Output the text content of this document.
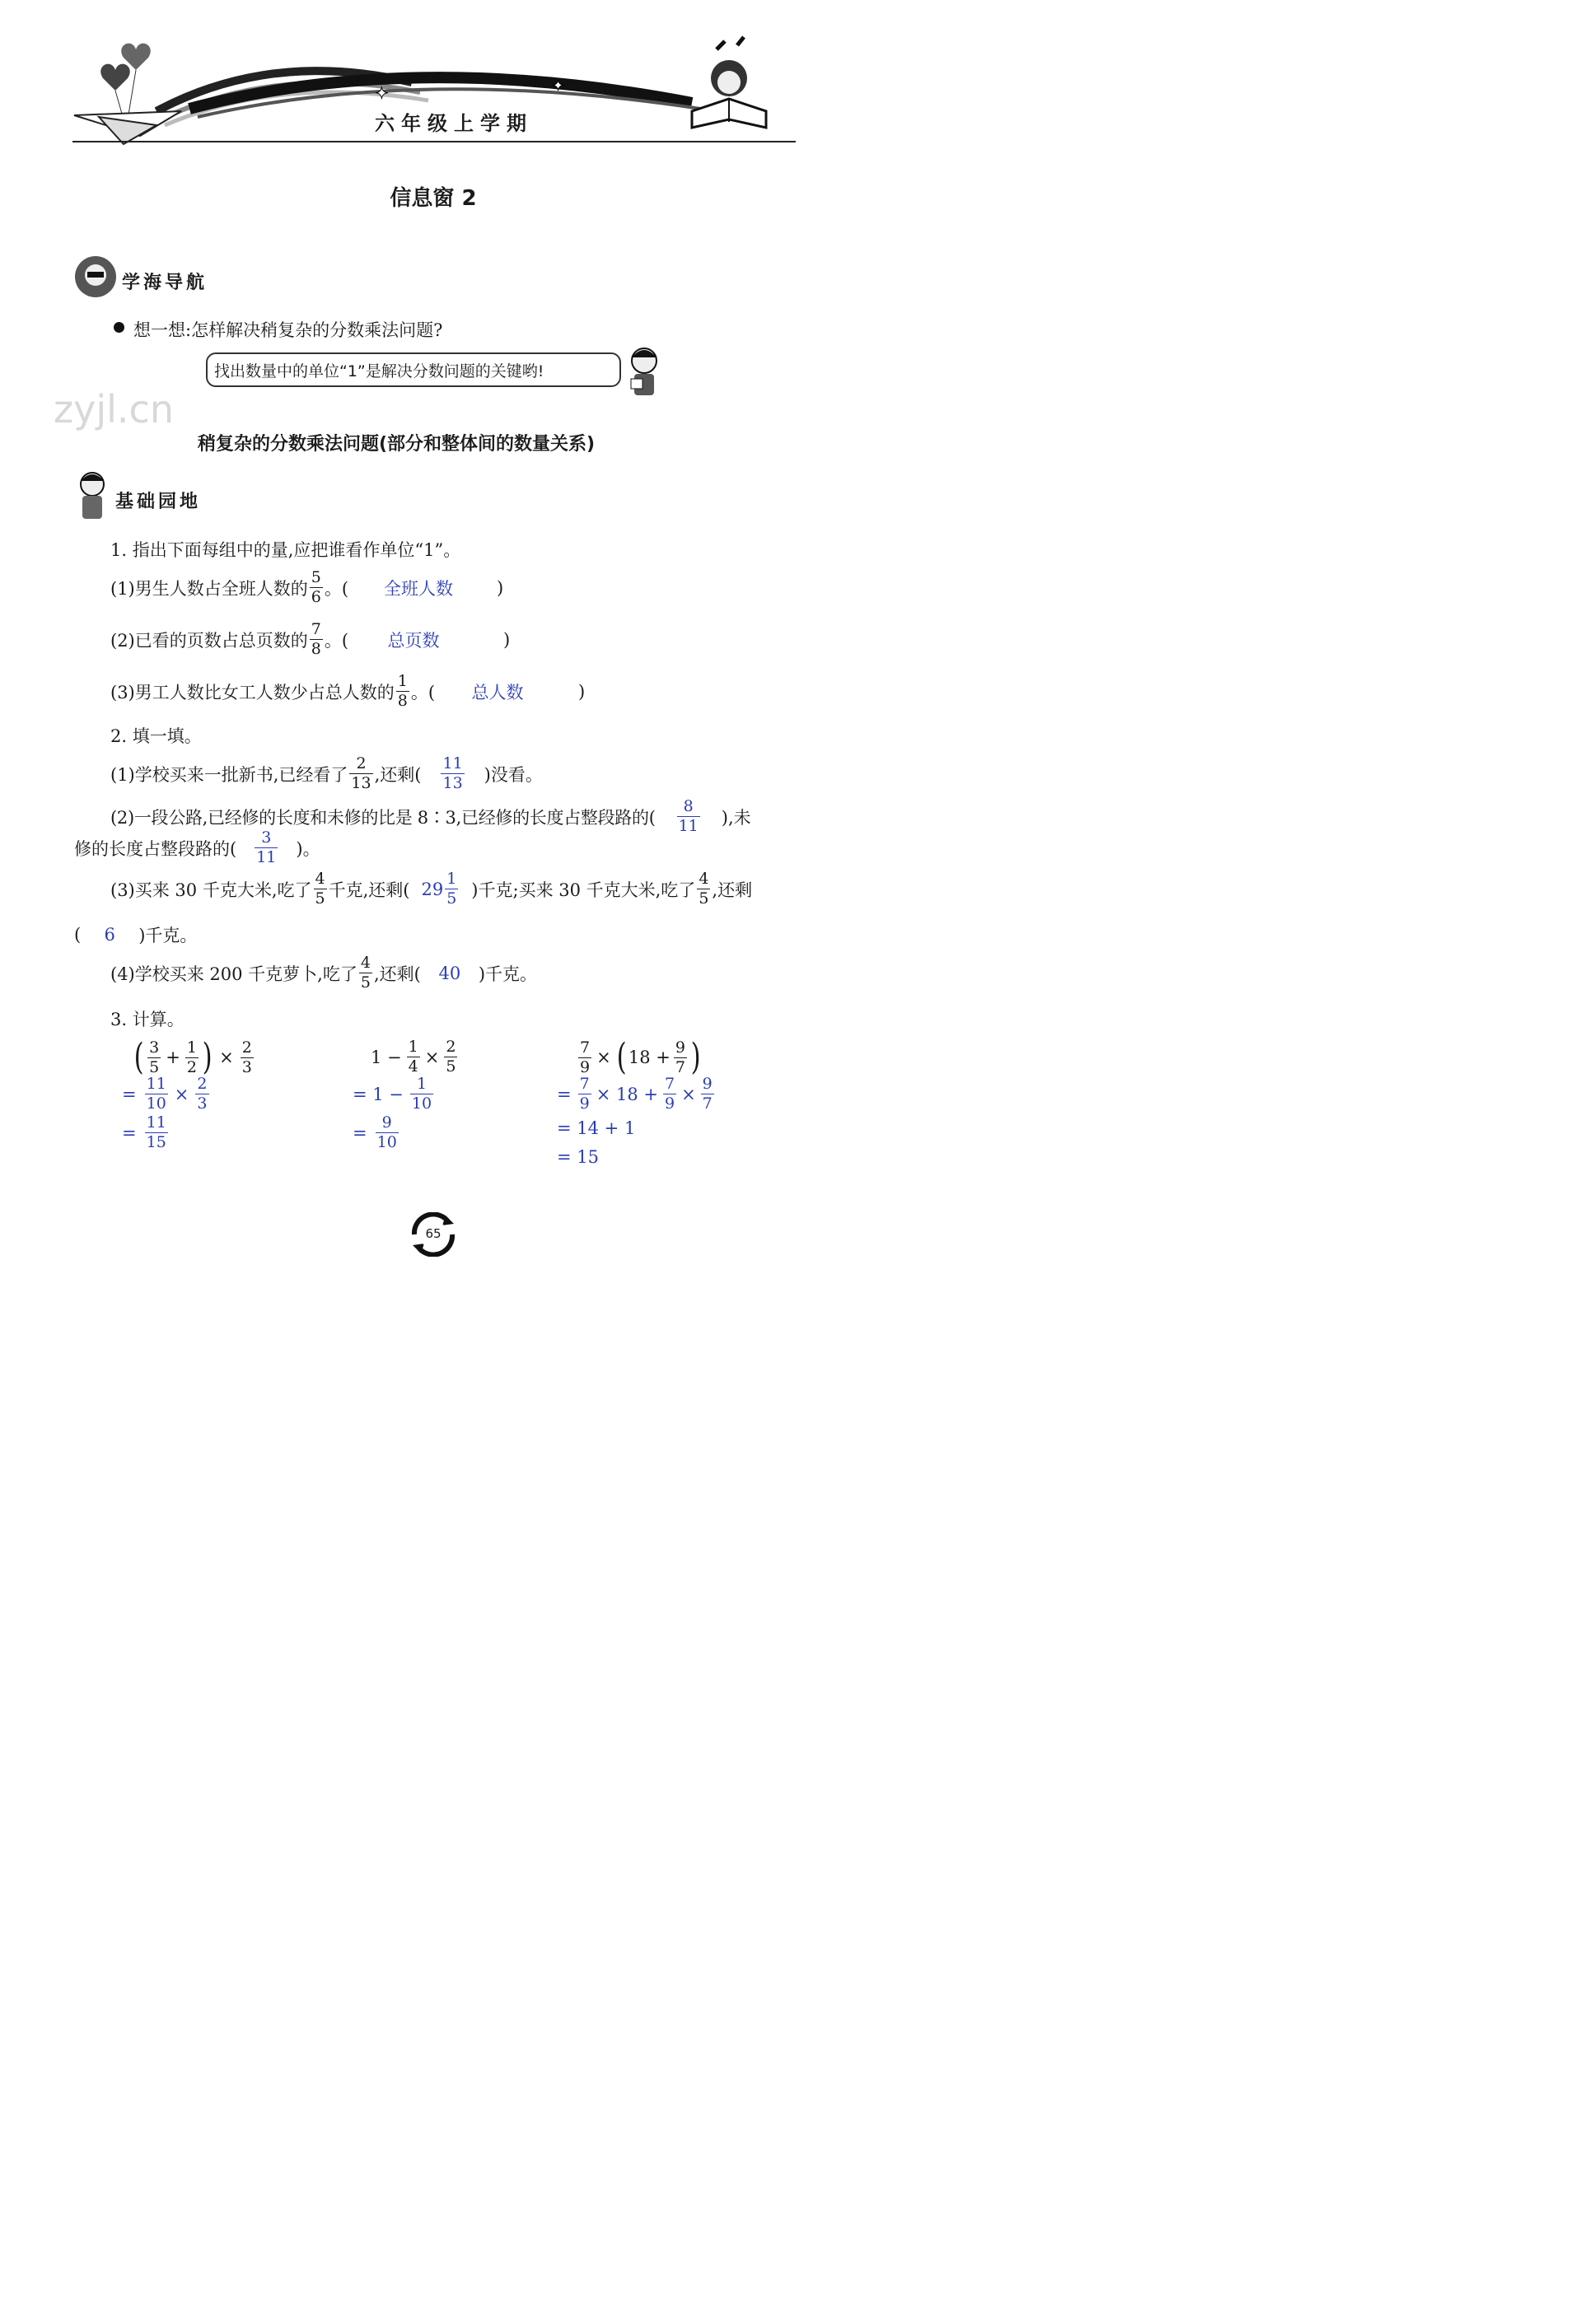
✦	✦
六年级上学期
信息窗 2
学海导航
想一想:怎样解决稍复杂的分数乘法问题?
找出数量中的单位“1”是解决分数问题的关键哟!
zyjl.cn
稍复杂的分数乘法问题(部分和整体间的数量关系)
基础园地
1. 指出下面每组中的量,应把谁看作单位“1”。
(1)男生人数占全班人数的 $\frac{5}{6}$ 。(	全班人数	)
(2)已看的页数占总页数的 $\frac{7}{8}$ 。(	总页数	)
(3)男工人数比女工人数少占总人数的 $\frac{1}{8}$ 。(	总人数	)
2. 填一填。
(1)学校买来一批新书,已经看了 $\frac{2}{13}$ ,还剩( $\frac{11}{13}$ )没看。
(2)一段公路,已经修的长度和未修的比是 8∶3,已经修的长度占整段路的( $\frac{8}{11}$ ),未
修的长度占整段路的( $\frac{3}{11}$ )。
(3)买来 30 千克大米,吃了 $\frac{4}{5}$ 千克,还剩( $29 \frac{1}{5}$ )千克;买来 30 千克大米,吃了 $\frac{4}{5}$ ,还剩
(	6	)千克。
(4)学校买来 200 千克萝卜,吃了 $\frac{4}{5}$ ,还剩(	40	)千克。
3. 计算。
( $\frac{3}{5} + \frac{1}{2}$ ) × $\frac{2}{3}$
= $\frac{11}{10} \times \frac{2}{3}$
= $\frac{11}{15}$
$1 - \frac{1}{4} \times \frac{2}{5}$
= $1 - \frac{1}{10}$
= $\frac{9}{10}$
$\frac{7}{9}$ × ( $18 + \frac{9}{7}$ )
= $\frac{7}{9} \times 18 + \frac{7}{9} \times \frac{9}{7}$
= 14 + 1
= 15
65
